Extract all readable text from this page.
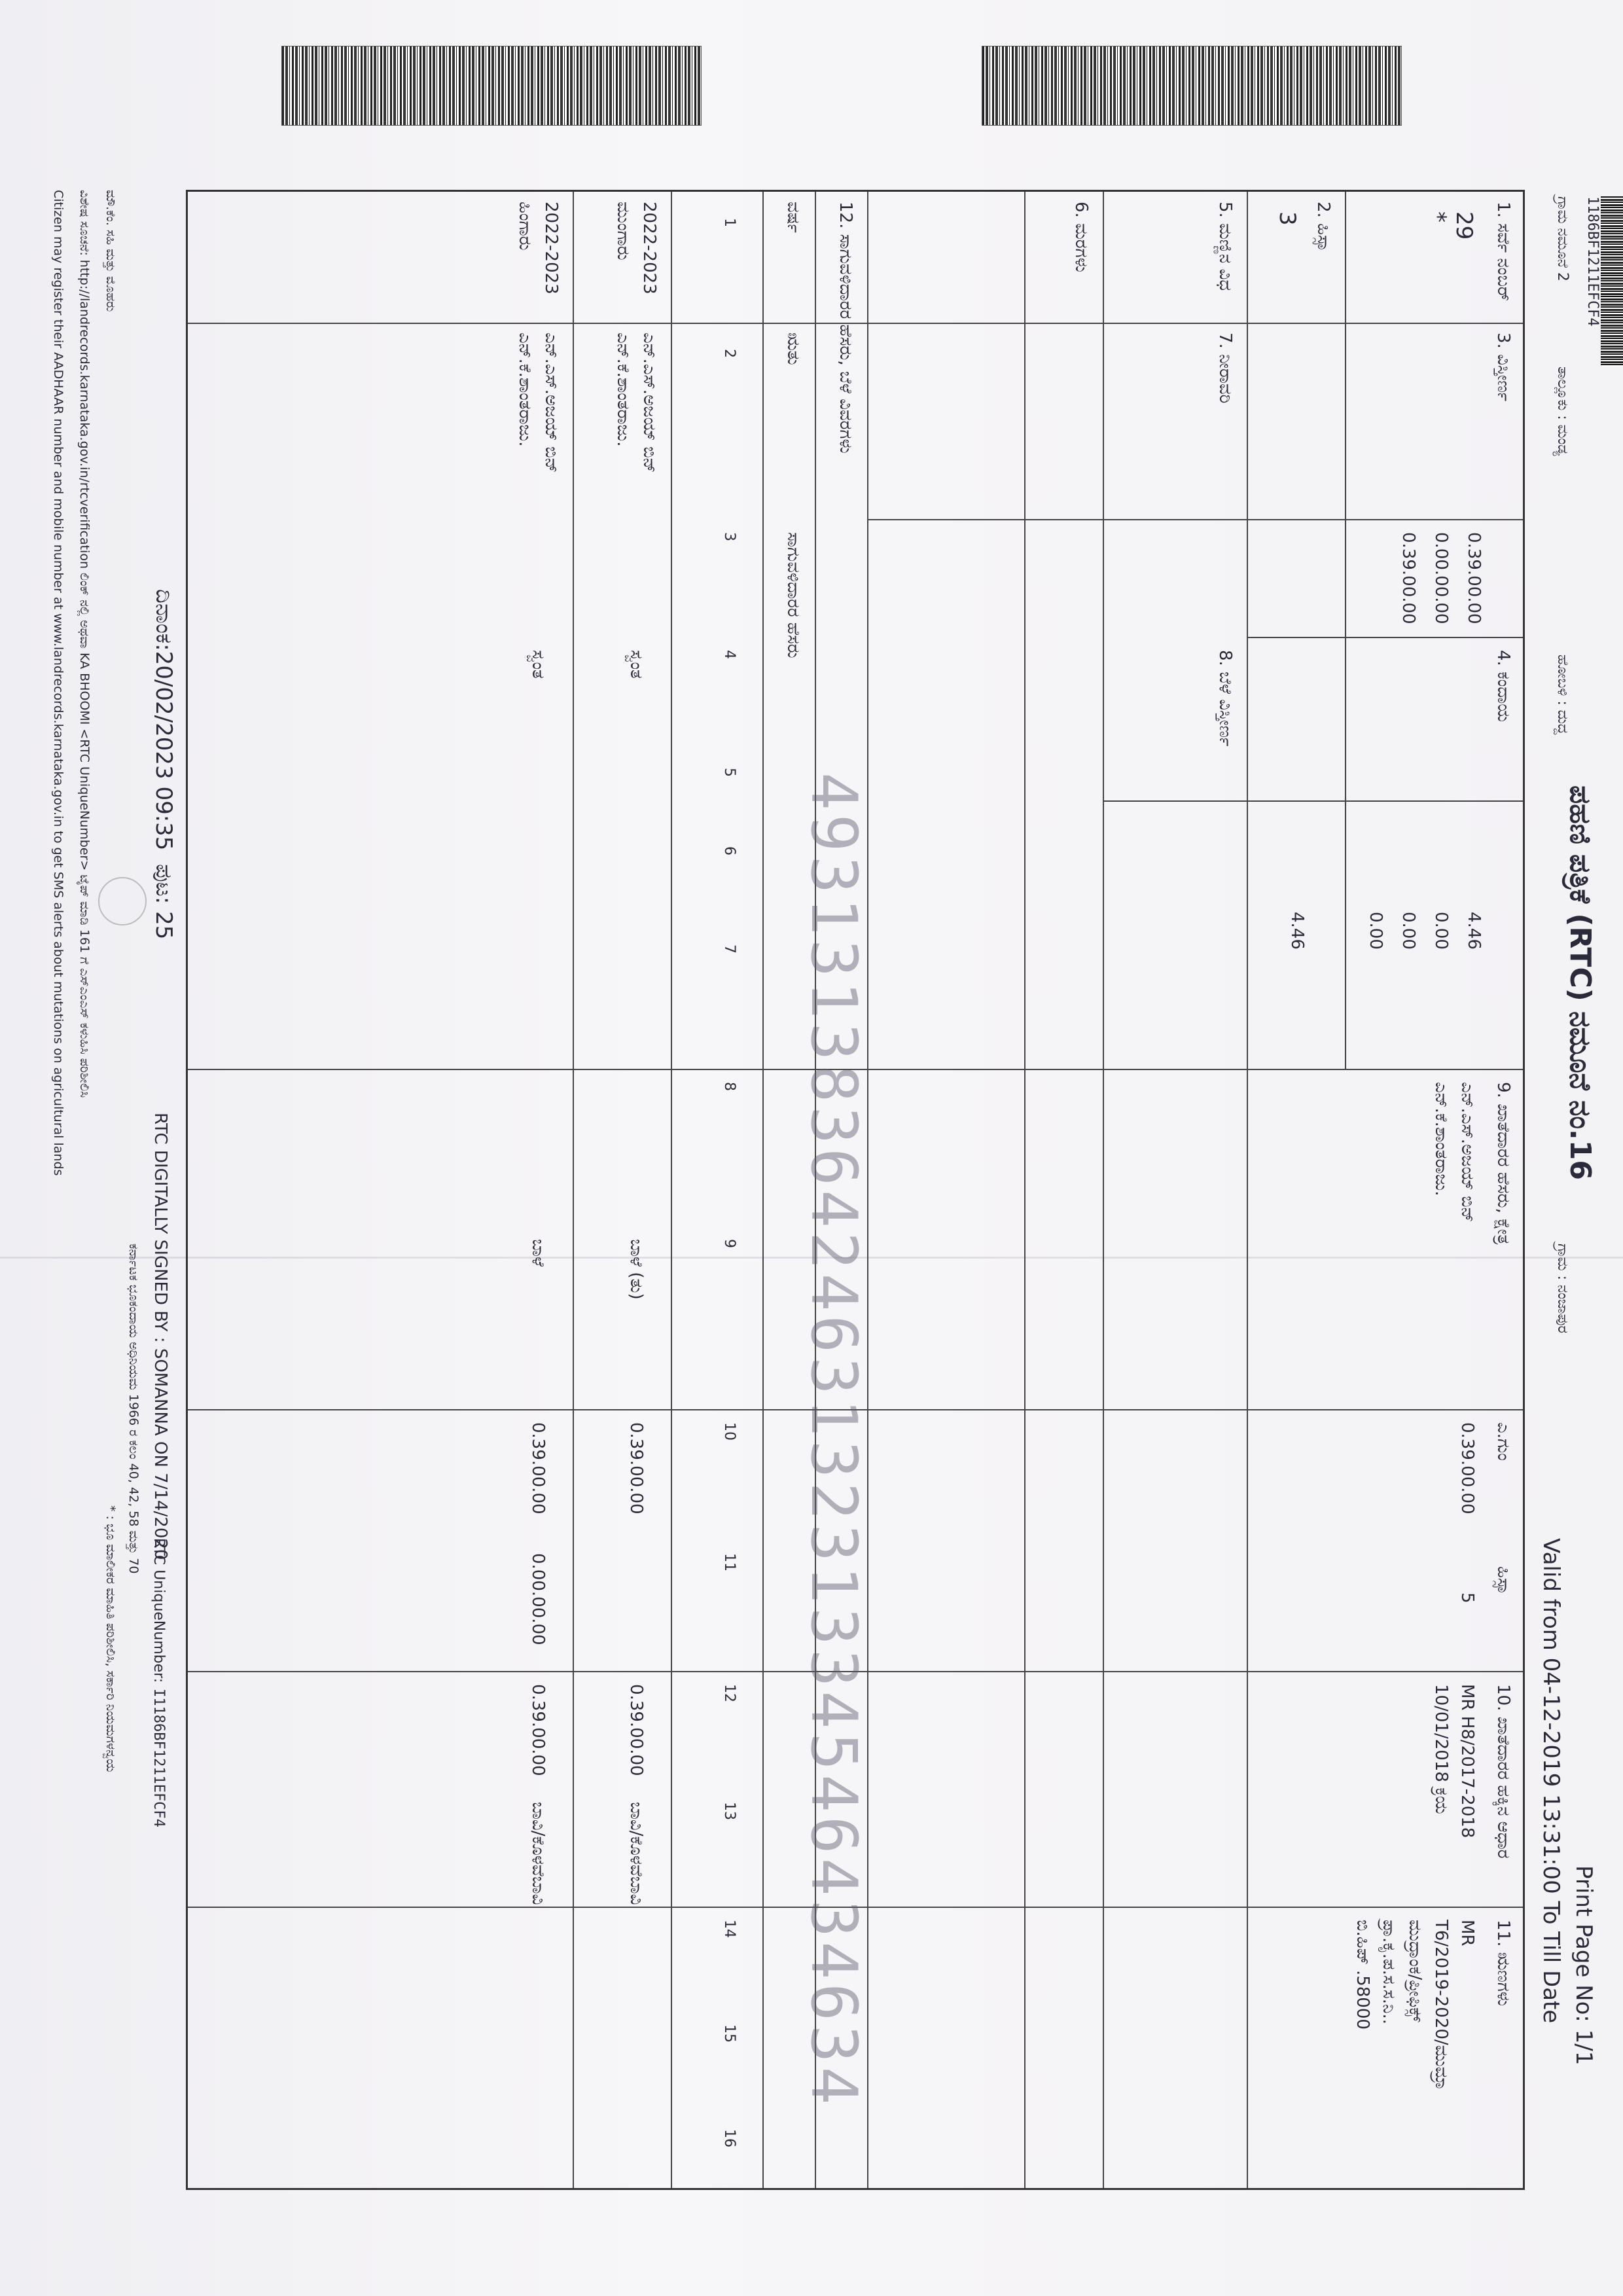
ಪಹಣಿ ಪತ್ರಿಕೆ (RTC) ನಮೂನೆ ನಂ.16
Print Page No: 1/1
Valid from 04-12-2019 13:31:00 To Till Date
1186BF1211EFCF4
ಗ್ರಾಮ ನಮೂನೆ 2
ತಾಲ್ಲೂಕು : ಮಂಡ್ಯ
ಹೋಬಳಿ : ದುದ್ದ
ಗ್ರಾಮ : ನಂಜಾಪುರ
1. ಸರ್ವೆ ನಂಬರ್
29
*
2. ಹಿಸ್ಸಾ
3
3. ವಿಸ್ತೀರ್ಣ
0.39.00.00
0.00.00.00
0.39.00.00
4. ಕಂದಾಯ
4.46
0.00
0.00
0.00
4.46
5. ಮಣ್ಣಿನ ವಿಧ
7. ನೀರಾವರಿ
8. ಬೆಳೆ ವಿಸ್ತೀರ್ಣ
6. ಮರಗಳು
9. ಖಾತೆದಾರರ ಹೆಸರು, ಕ್ಷೇತ್ರ
ಎನ್.ಎಸ್.ಅಜಯ್ ಬಿನ್
ಎನ್.ಕೆ.ಶಾಂತರಾಜು.
ಎ.ಗುಂ
0.39.00.00
ಹಿಸ್ಸಾ
5
10. ಖಾತೆದಾರರ ಹಕ್ಕಿನ ಆಧಾರ
MR H8/2017-2018
10/01/2018 ಕ್ರಯ
11. ಋಣಗಳು
MR
T6/2019-2020/ಮುಮ್ರಾ
ಮುದ್ರಾಂಕ/ಪ್ರೀಫಿಕ್ಸ್
ಪ್ರಾ.ಕೃ.ಪ.ಸ.ಸ.ನಿ..
ಬಿ.ಹಿಪ್ .58000
12. ಸಾಗುವಳಿದಾರರ ಹೆಸರು, ಬೆಳೆ ವಿವರಗಳು
ವರ್ಷ
ಋತು
ಸಾಗುವಳಿದಾರರ ಹೆಸರು
1
2
3
4
5
6
7
8
9
10
11
12
13
14
15
16
2022-2023
ಮುಂಗಾರು
ಎನ್.ಎಸ್.ಅಜಯ್ ಬಿನ್
ಎನ್.ಕೆ.ಶಾಂತರಾಜು.
ಸ್ವಂತ
ಬಾಳೆ (ತು)
0.39.00.00
0.39.00.00
ಬಾವಿ/ಕೊಳವೆಬಾವಿ
2022-2023
ಹಿಂಗಾರು
ಎನ್.ಎಸ್.ಅಜಯ್ ಬಿನ್
ಎನ್.ಕೆ.ಶಾಂತರಾಜು.
ಸ್ವಂತ
ಬಾಳೆ
0.39.00.00
0.00.00.00
0.39.00.00
ಬಾವಿ/ಕೊಳವೆಬಾವಿ	49313138364246313231334546434634
ದಿನಾಂಕ:20/02/2023 09:35
ಪುಟ: 25
RTC DIGITALLY SIGNED BY : SOMANNA ON 7/14/2020
RTC UniqueNumber:
I1186BF1211EFCF4
ಕರ್ನಾಟಕ ಭೂಕಂದಾಯ ಅಧಿನಿಯಮ 1966 ರ ಕಲಂ 40, 42, 58 ಮತ್ತು 70
ಮೌ.ಕೆಂ. ಸಹಿ ಮತ್ತು ಮೊಹರು
* : ಭೂ ಮಾಲೀಕರ ಮಾಹಿತಿ ಪರಿಶೀಲಿಸಿ, ಸರ್ಕಾರಿ ನಿಯಮಗಳನ್ವಯ
ವಿಶೇಷ ಸೂಚನೆ: http://landrecords.karnataka.gov.in/rtcverification ಲಿಂಕ್ ನಲ್ಲಿ ಅಥವಾ KA BHOOMI <RTC UniqueNumber> ಟೈಪ್ ಮಾಡಿ 161 ಗೆ ಎಸ್ಎಂಎಸ್ ಕಳುಹಿಸಿ ಪರಿಶೀಲಿಸಿ
Citizen may register their AADHAAR number and mobile number at www.landrecords.karnataka.gov.in to get SMS alerts about mutations on agricultural lands
